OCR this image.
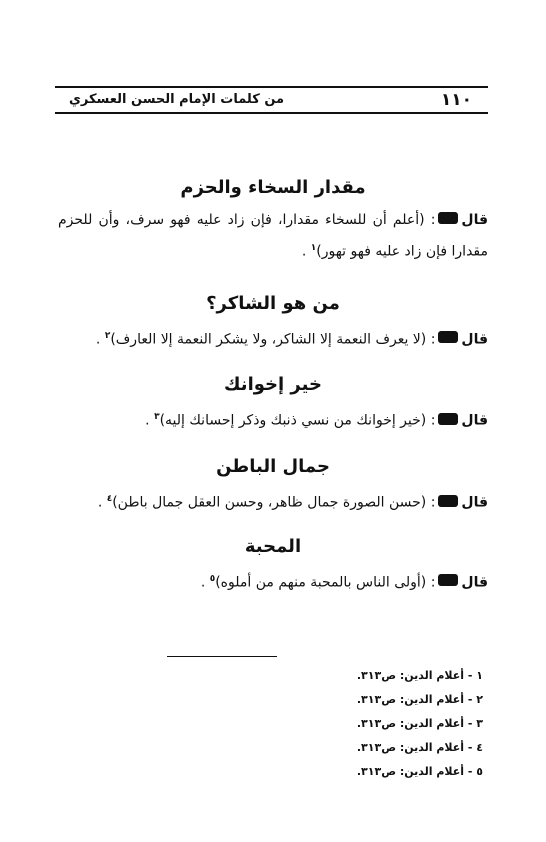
١١٠
من كلمات الإمام الحسن العسكري
مقدار السخاء والحزم

قال: (أعلم أن للسخاء مقدارا، فإن زاد عليه فهو سرف، وأن للحزم مقدارا فإن زاد عليه فهو تهور)$^١$ .

من هو الشاكر؟

قال: (لا يعرف النعمة إلا الشاكر، ولا يشكر النعمة إلا العارف)$^٢$ .

خير إخوانك

قال: (خير إخوانك من نسي ذنبك وذكر إحسانك إليه)$^٣$ .

جمال الباطن

قال: (حسن الصورة جمال ظاهر، وحسن العقل جمال باطن)$^٤$ .

المحبة

قال: (أولى الناس بالمحبة منهم من أملوه)$^٥$ .

١ - أعلام الدين: ص٣١٣.
٢ - أعلام الدين: ص٣١٣.
٣ - أعلام الدين: ص٣١٣.
٤ - أعلام الدين: ص٣١٣.
٥ - أعلام الدين: ص٣١٣.
